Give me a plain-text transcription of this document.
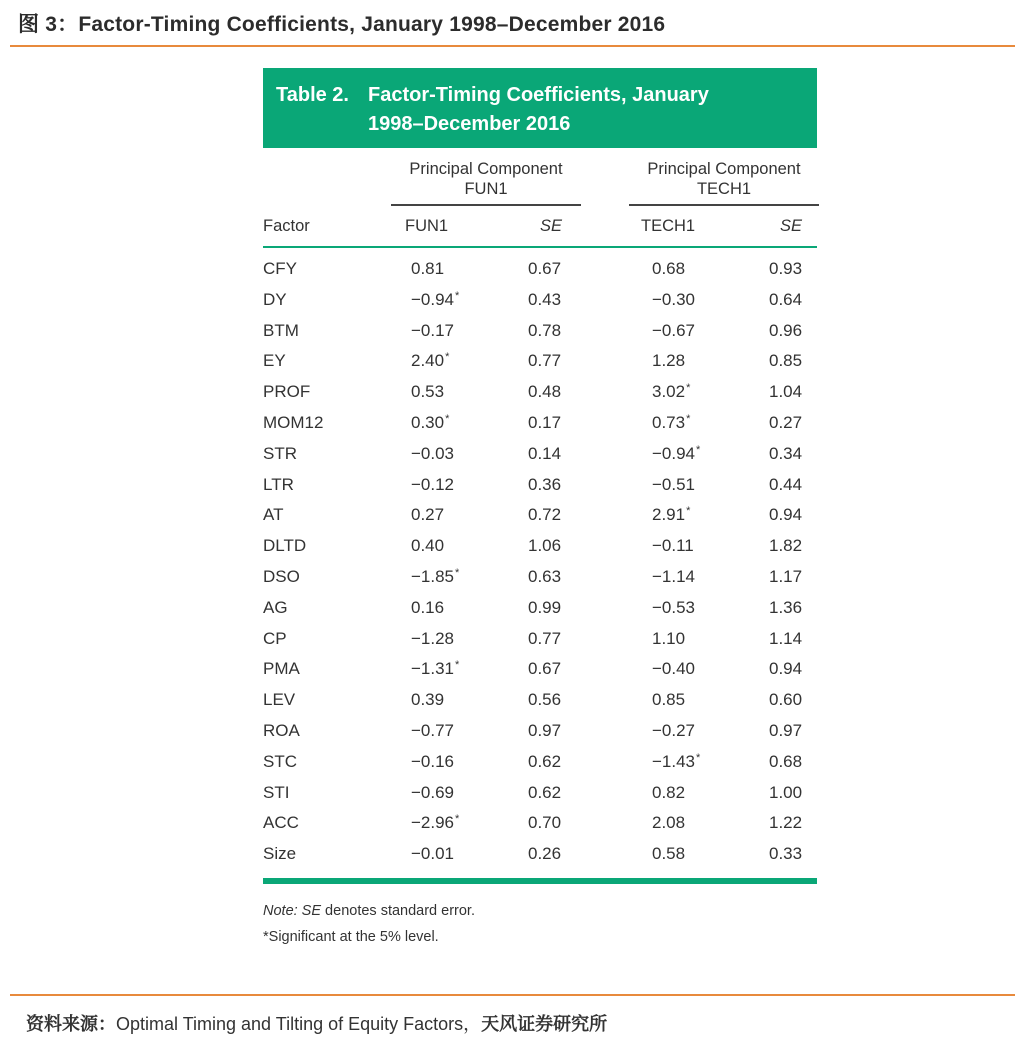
图 3：Factor-Timing Coefficients, January 1998–December 2016
Table 2. Factor-Timing Coefficients, January
1998–December 2016
Principal Component
FUN1
Principal Component
TECH1
Factor	FUN1	SE	TECH1	SE
CFY	0.81	0.67	0.68	0.93
DY	−0.94*	0.43	−0.30	0.64
BTM	−0.17	0.78	−0.67	0.96
EY	2.40*	0.77	1.28	0.85
PROF	0.53	0.48	3.02*	1.04
MOM12	0.30*	0.17	0.73*	0.27
STR	−0.03	0.14	−0.94*	0.34
LTR	−0.12	0.36	−0.51	0.44
AT	0.27	0.72	2.91*	0.94
DLTD	0.40	1.06	−0.11	1.82
DSO	−1.85*	0.63	−1.14	1.17
AG	0.16	0.99	−0.53	1.36
CP	−1.28	0.77	1.10	1.14
PMA	−1.31*	0.67	−0.40	0.94
LEV	0.39	0.56	0.85	0.60
ROA	−0.77	0.97	−0.27	0.97
STC	−0.16	0.62	−1.43*	0.68
STI	−0.69	0.62	0.82	1.00
ACC	−2.96*	0.70	2.08	1.22
Size	−0.01	0.26	0.58	0.33
Note: SE denotes standard error.
*Significant at the 5% level.
资料来源：Optimal Timing and Tilting of Equity Factors，天风证券研究所
